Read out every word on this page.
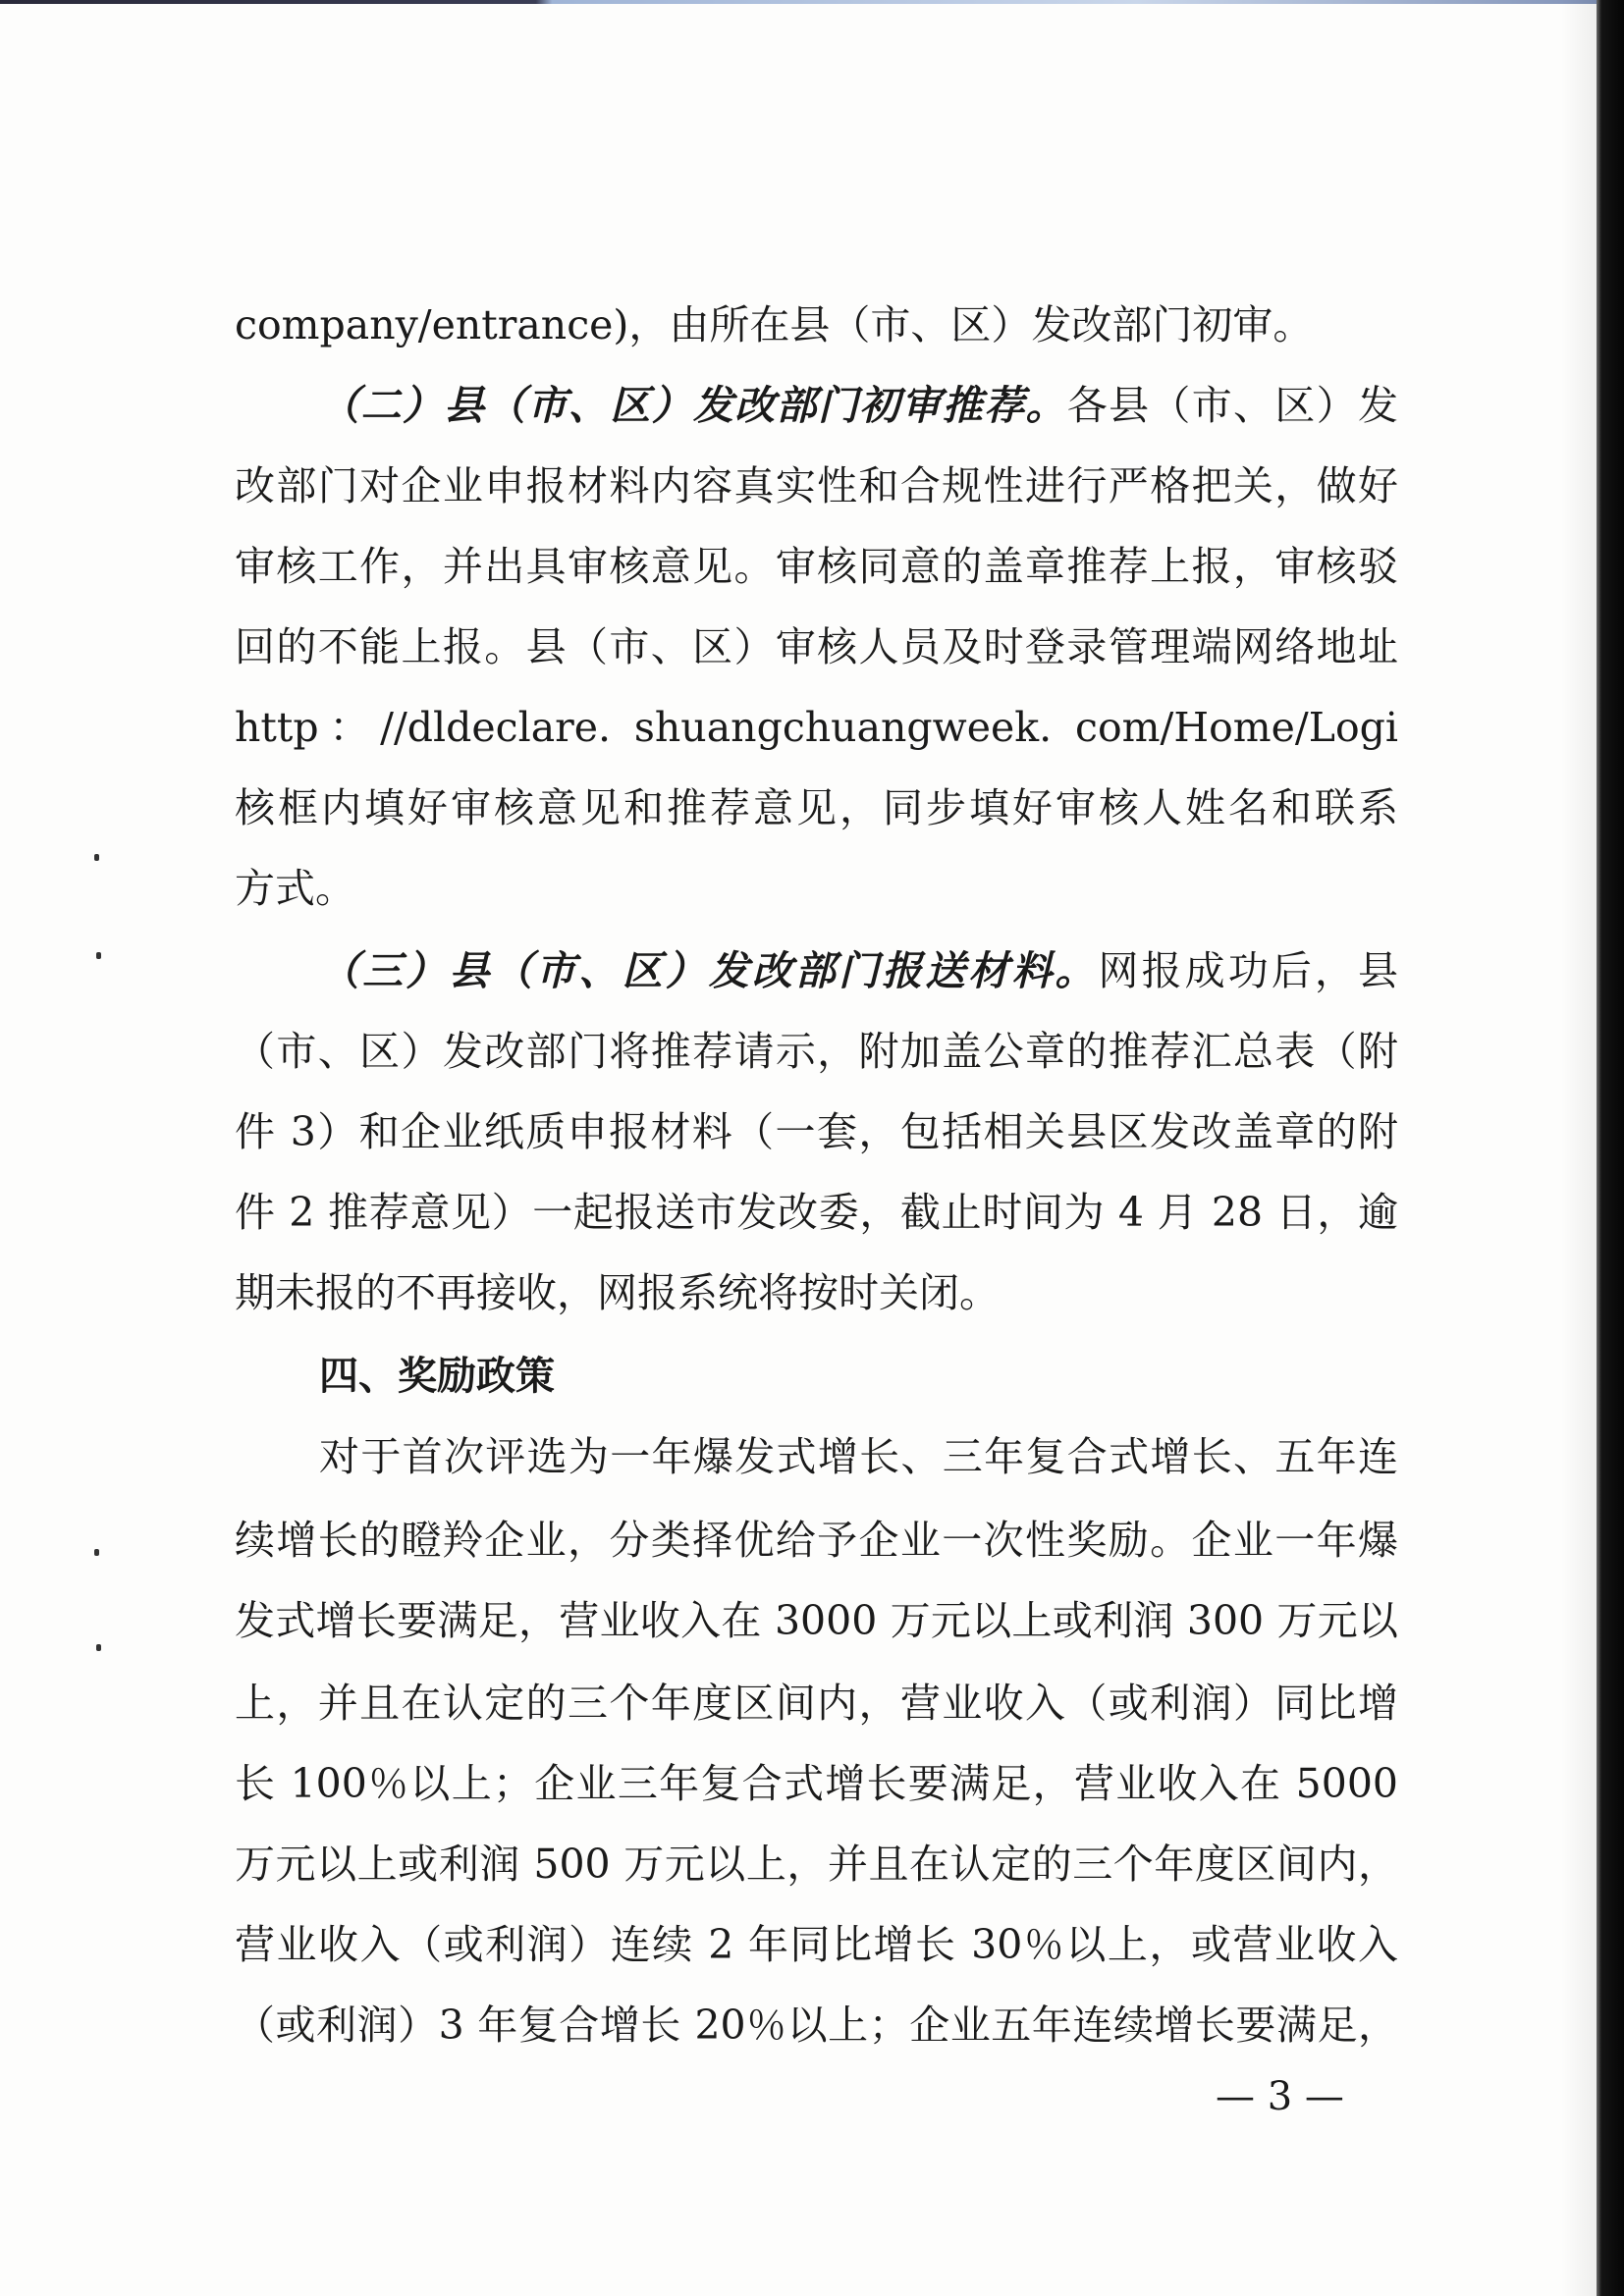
company/entrance)，由所在县（市、区）发改部门初审。
（二）县（市、区）发改部门初审推荐。各县（市、区）发
改部门对企业申报材料内容真实性和合规性进行严格把关，做好
审核工作，并出具审核意见。审核同意的盖章推荐上报，审核驳
回的不能上报。县（市、区）审核人员及时登录管理端网络地址
http：//dldeclare. shuangchuangweek. com/Home/Logi
核框内填好审核意见和推荐意见，同步填好审核人姓名和联系
方式。
（三）县（市、区）发改部门报送材料。网报成功后，县
（市、区）发改部门将推荐请示，附加盖公章的推荐汇总表（附
件 3）和企业纸质申报材料（一套，包括相关县区发改盖章的附
件 2 推荐意见）一起报送市发改委，截止时间为 4 月 28 日，逾
期未报的不再接收，网报系统将按时关闭。
四、奖励政策
对于首次评选为一年爆发式增长、三年复合式增长、五年连
续增长的瞪羚企业，分类择优给予企业一次性奖励。企业一年爆
发式增长要满足，营业收入在 3000 万元以上或利润 300 万元以
上，并且在认定的三个年度区间内，营业收入（或利润）同比增
长 100％以上；企业三年复合式增长要满足，营业收入在 5000
万元以上或利润 500 万元以上，并且在认定的三个年度区间内，
营业收入（或利润）连续 2 年同比增长 30％以上，或营业收入
（或利润）3 年复合增长 20％以上；企业五年连续增长要满足，
— 3 —
